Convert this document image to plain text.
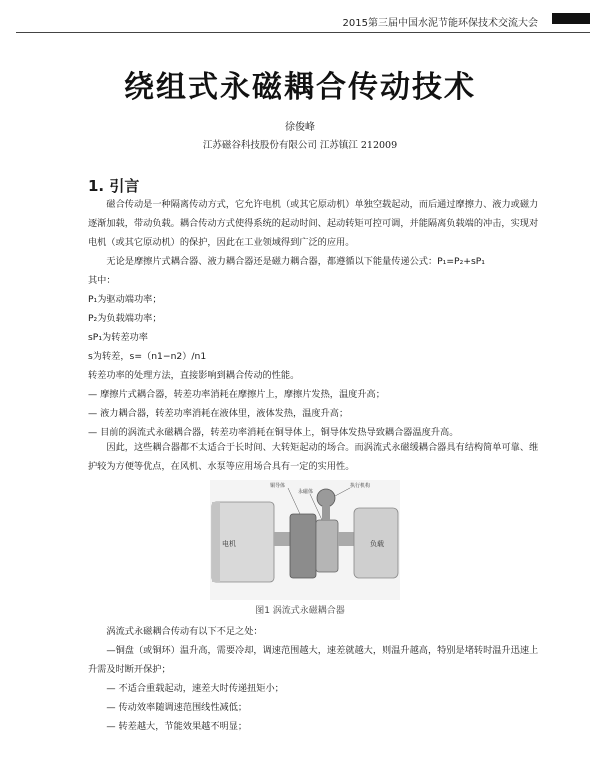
2015第三届中国水泥节能环保技术交流大会
绕组式永磁耦合传动技术
徐俊峰
江苏磁谷科技股份有限公司 江苏镇江 212009
1. 引言

磁合传动是一种隔离传动方式，它允许电机（或其它原动机）单独空载起动，而后通过摩擦力、液力或磁力逐渐加载，带动负载。耦合传动方式使得系统的起动时间、起动转矩可控可调，并能隔离负载端的冲击，实现对电机（或其它原动机）的保护，因此在工业领域得到广泛的应用。

无论是摩擦片式耦合器、液力耦合器还是磁力耦合器，都遵循以下能量传递公式：P₁=P₂+sP₁

其中：

P₁为驱动端功率；

P₂为负载端功率；

sP₁为转差功率

s为转差，s=（n1−n2）/n1

转差功率的处理方法，直接影响到耦合传动的性能。

— 摩擦片式耦合器，转差功率消耗在摩擦片上，摩擦片发热，温度升高；

— 液力耦合器，转差功率消耗在液体里，液体发热，温度升高；

— 目前的涡流式永磁耦合器，转差功率消耗在铜导体上，铜导体发热导致耦合器温度升高。

因此，这些耦合器都不太适合于长时间、大转矩起动的场合。而涡流式永磁缓耦合器具有结构简单可靠、维护较为方便等优点，在风机、水泵等应用场合具有一定的实用性。

电机	负载
铜导体
永磁体
执行机构
图1 涡流式永磁耦合器

涡流式永磁耦合传动有以下不足之处：

—铜盘（或铜环）温升高，需要冷却，调速范围越大，速差就越大，则温升越高，特别是堵转时温升迅速上升需及时断开保护；

— 不适合重载起动，速差大时传递扭矩小；

— 传动效率随调速范围线性减低；

— 转差越大，节能效果越不明显；
